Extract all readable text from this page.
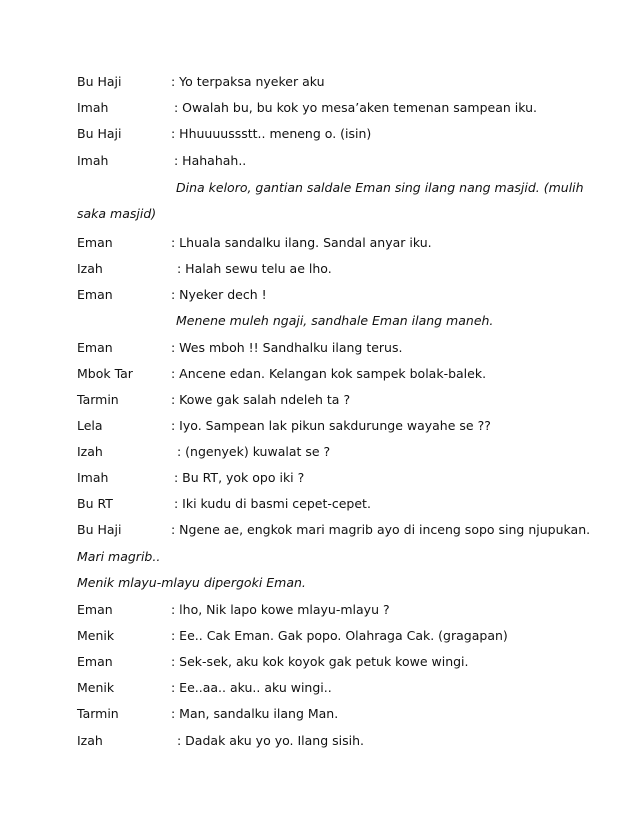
Bu Haji	: Yo terpaksa nyeker aku
Imah	: Owalah bu, bu kok yo mesa’aken temenan sampean iku.
Bu Haji	: Hhuuuussstt.. meneng o. (isin)
Imah	: Hahahah..
Dina keloro, gantian saldale Eman sing ilang nang masjid. (mulih
saka masjid)
Eman	: Lhuala sandalku ilang. Sandal anyar iku.
Izah	: Halah sewu telu ae lho.
Eman	: Nyeker dech !
Menene muleh ngaji, sandhale Eman ilang maneh.
Eman	: Wes mboh !! Sandhalku ilang terus.
Mbok Tar	: Ancene edan. Kelangan kok sampek bolak-balek.
Tarmin	: Kowe gak salah ndeleh ta ?
Lela	: Iyo. Sampean lak pikun sakdurunge wayahe se ??
Izah	: (ngenyek) kuwalat se ?
Imah	: Bu RT, yok opo iki ?
Bu RT	: Iki kudu di basmi cepet-cepet.
Bu Haji	: Ngene ae, engkok mari magrib ayo di inceng sopo sing njupukan.
Mari magrib..
Menik mlayu-mlayu dipergoki Eman.
Eman	: lho, Nik lapo kowe mlayu-mlayu ?
Menik	: Ee.. Cak Eman. Gak popo. Olahraga Cak. (gragapan)
Eman	: Sek-sek, aku kok koyok gak petuk kowe wingi.
Menik	: Ee..aa.. aku.. aku wingi..
Tarmin	: Man, sandalku ilang Man.
Izah	: Dadak aku yo yo. Ilang sisih.
